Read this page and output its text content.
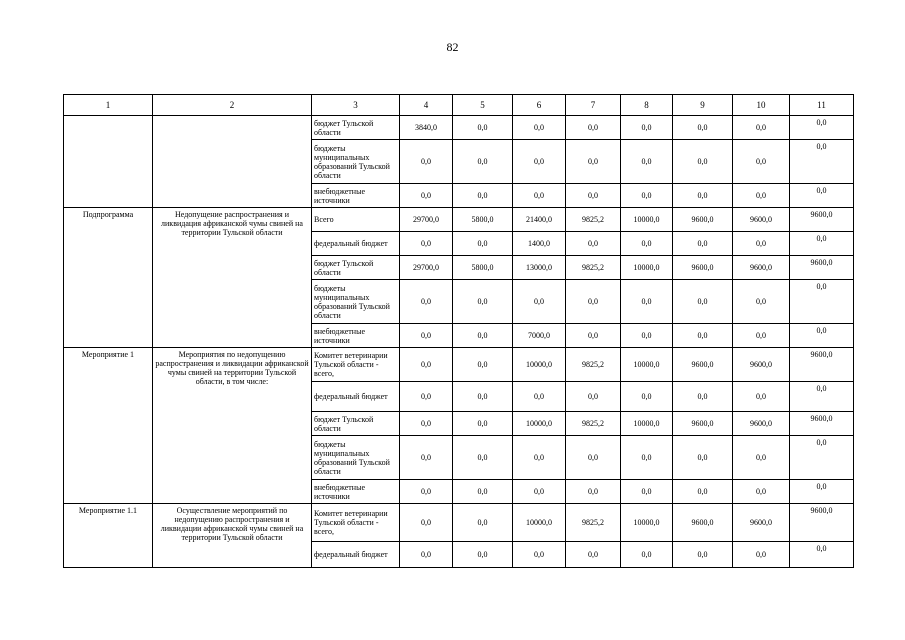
82
1	2	3	4	5	6	7	8	9	10	11
		бюджет Тульской области	3840,0	0,0	0,0	0,0	0,0	0,0	0,0	0,0
		бюджеты муниципальных образований Тульской области	0,0	0,0	0,0	0,0	0,0	0,0	0,0	0,0
		внебюджетные источники	0,0	0,0	0,0	0,0	0,0	0,0	0,0	0,0
Подпрограмма	Недопущение распространения и ликвидация африканской чумы свиней на территории Тульской области	Всего	29700,0	5800,0	21400,0	9825,2	10000,0	9600,0	9600,0	9600,0
		федеральный бюджет	0,0	0,0	1400,0	0,0	0,0	0,0	0,0	0,0
		бюджет Тульской области	29700,0	5800,0	13000,0	9825,2	10000,0	9600,0	9600,0	9600,0
		бюджеты муниципальных образований Тульской области	0,0	0,0	0,0	0,0	0,0	0,0	0,0	0,0
		внебюджетные источники	0,0	0,0	7000,0	0,0	0,0	0,0	0,0	0,0
Мероприятие 1	Мероприятия по недопущению распространения и ликвидации африканской чумы свиней на территории Тульской области, в том числе:	Комитет ветеринарии Тульской области - всего,	0,0	0,0	10000,0	9825,2	10000,0	9600,0	9600,0	9600,0
		федеральный бюджет	0,0	0,0	0,0	0,0	0,0	0,0	0,0	0,0
		бюджет Тульской области	0,0	0,0	10000,0	9825,2	10000,0	9600,0	9600,0	9600,0
		бюджеты муниципальных образований Тульской области	0,0	0,0	0,0	0,0	0,0	0,0	0,0	0,0
		внебюджетные источники	0,0	0,0	0,0	0,0	0,0	0,0	0,0	0,0
Мероприятие 1.1	Осуществление мероприятий по недопущению распространения и ликвидации африканской чумы свиней на территории Тульской области	Комитет ветеринарии Тульской области - всего,	0,0	0,0	10000,0	9825,2	10000,0	9600,0	9600,0	9600,0
		федеральный бюджет	0,0	0,0	0,0	0,0	0,0	0,0	0,0	0,0
